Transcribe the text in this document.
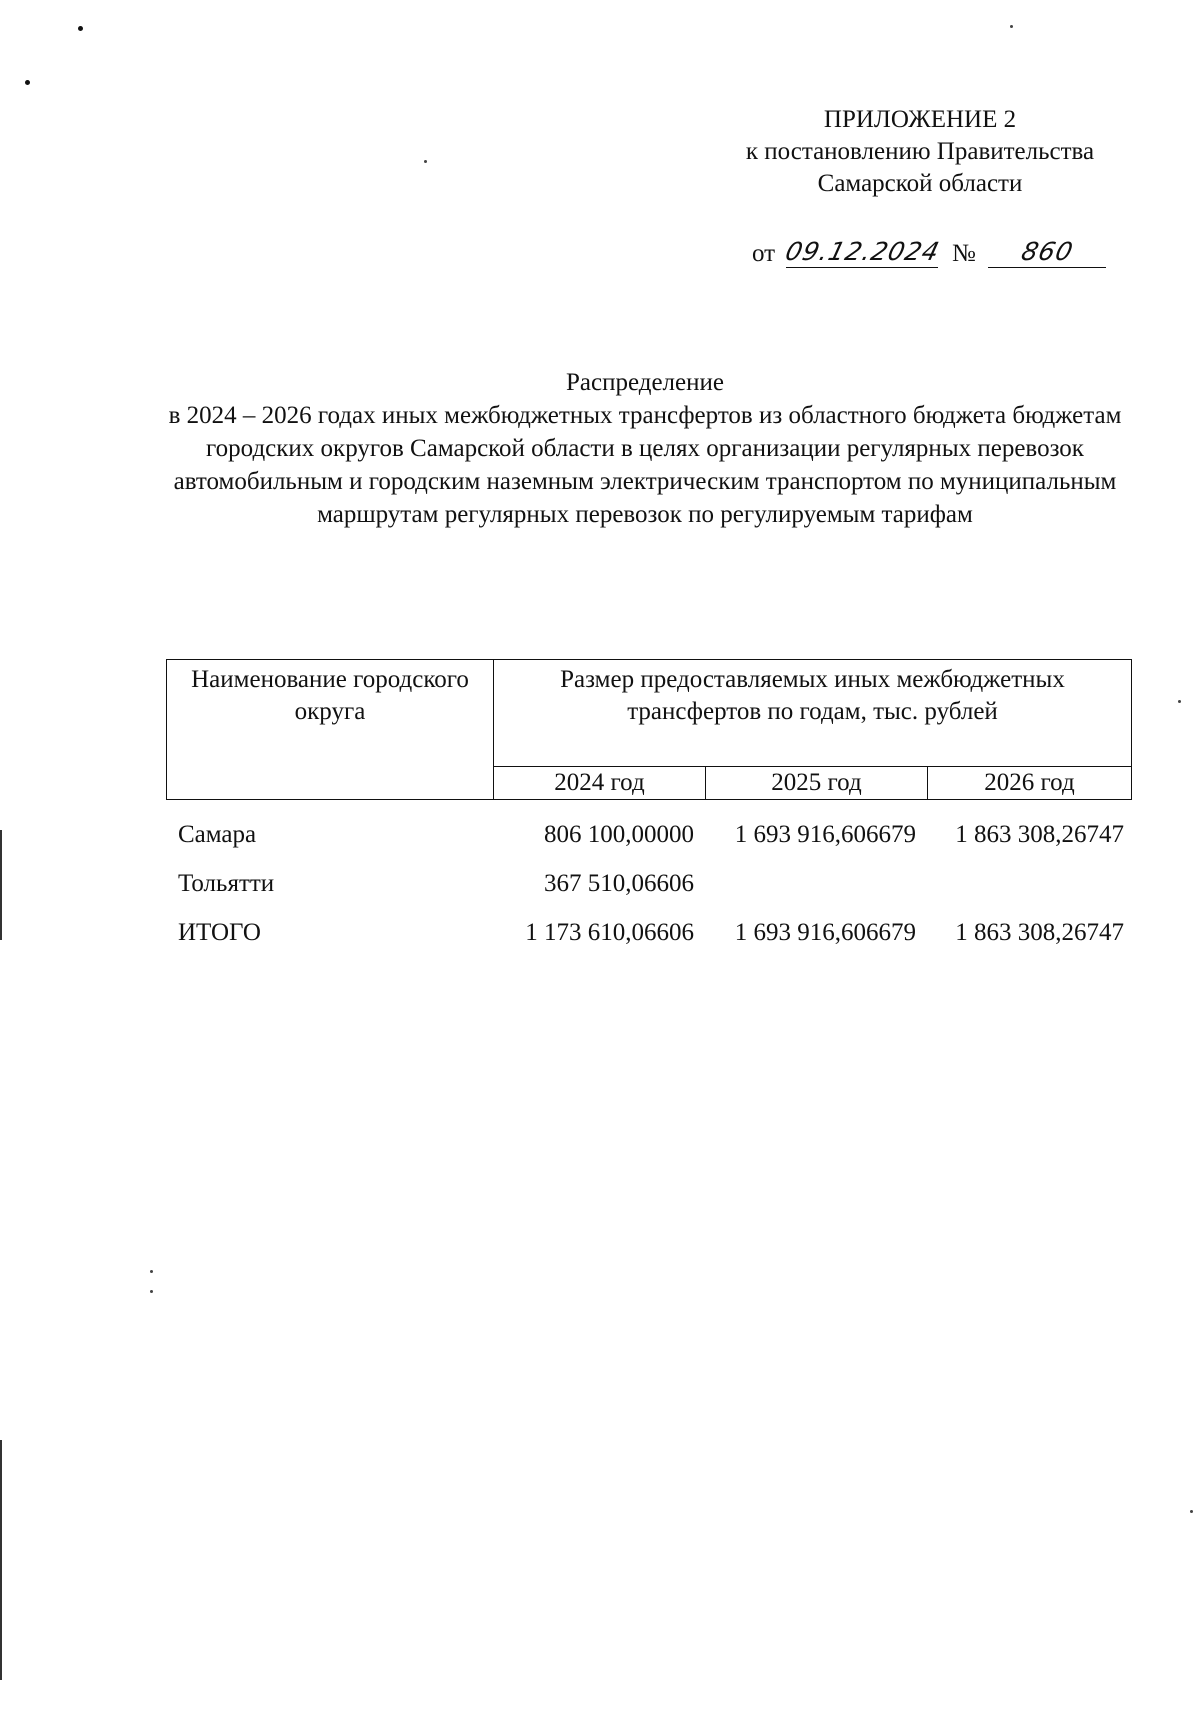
ПРИЛОЖЕНИЕ 2
к постановлению Правительства
Самарской области
от 09.12.2024 №	860
Распределение
в 2024 – 2026 годах иных межбюджетных трансфертов из областного бюджета бюджетам городских округов Самарской области в целях организации регулярных перевозок автомобильным и городским наземным электрическим транспортом по муниципальным маршрутам регулярных перевозок по регулируемым тарифам
Наименование городского округа	Размер предоставляемых иных межбюджетных трансфертов по годам, тыс. рублей		
	2024 год	2025 год	2026 год
Самара	806 100,00000	1 693 916,606679	1 863 308,26747
Тольятти	367 510,06606		
ИТОГО	1 173 610,06606	1 693 916,606679	1 863 308,26747
